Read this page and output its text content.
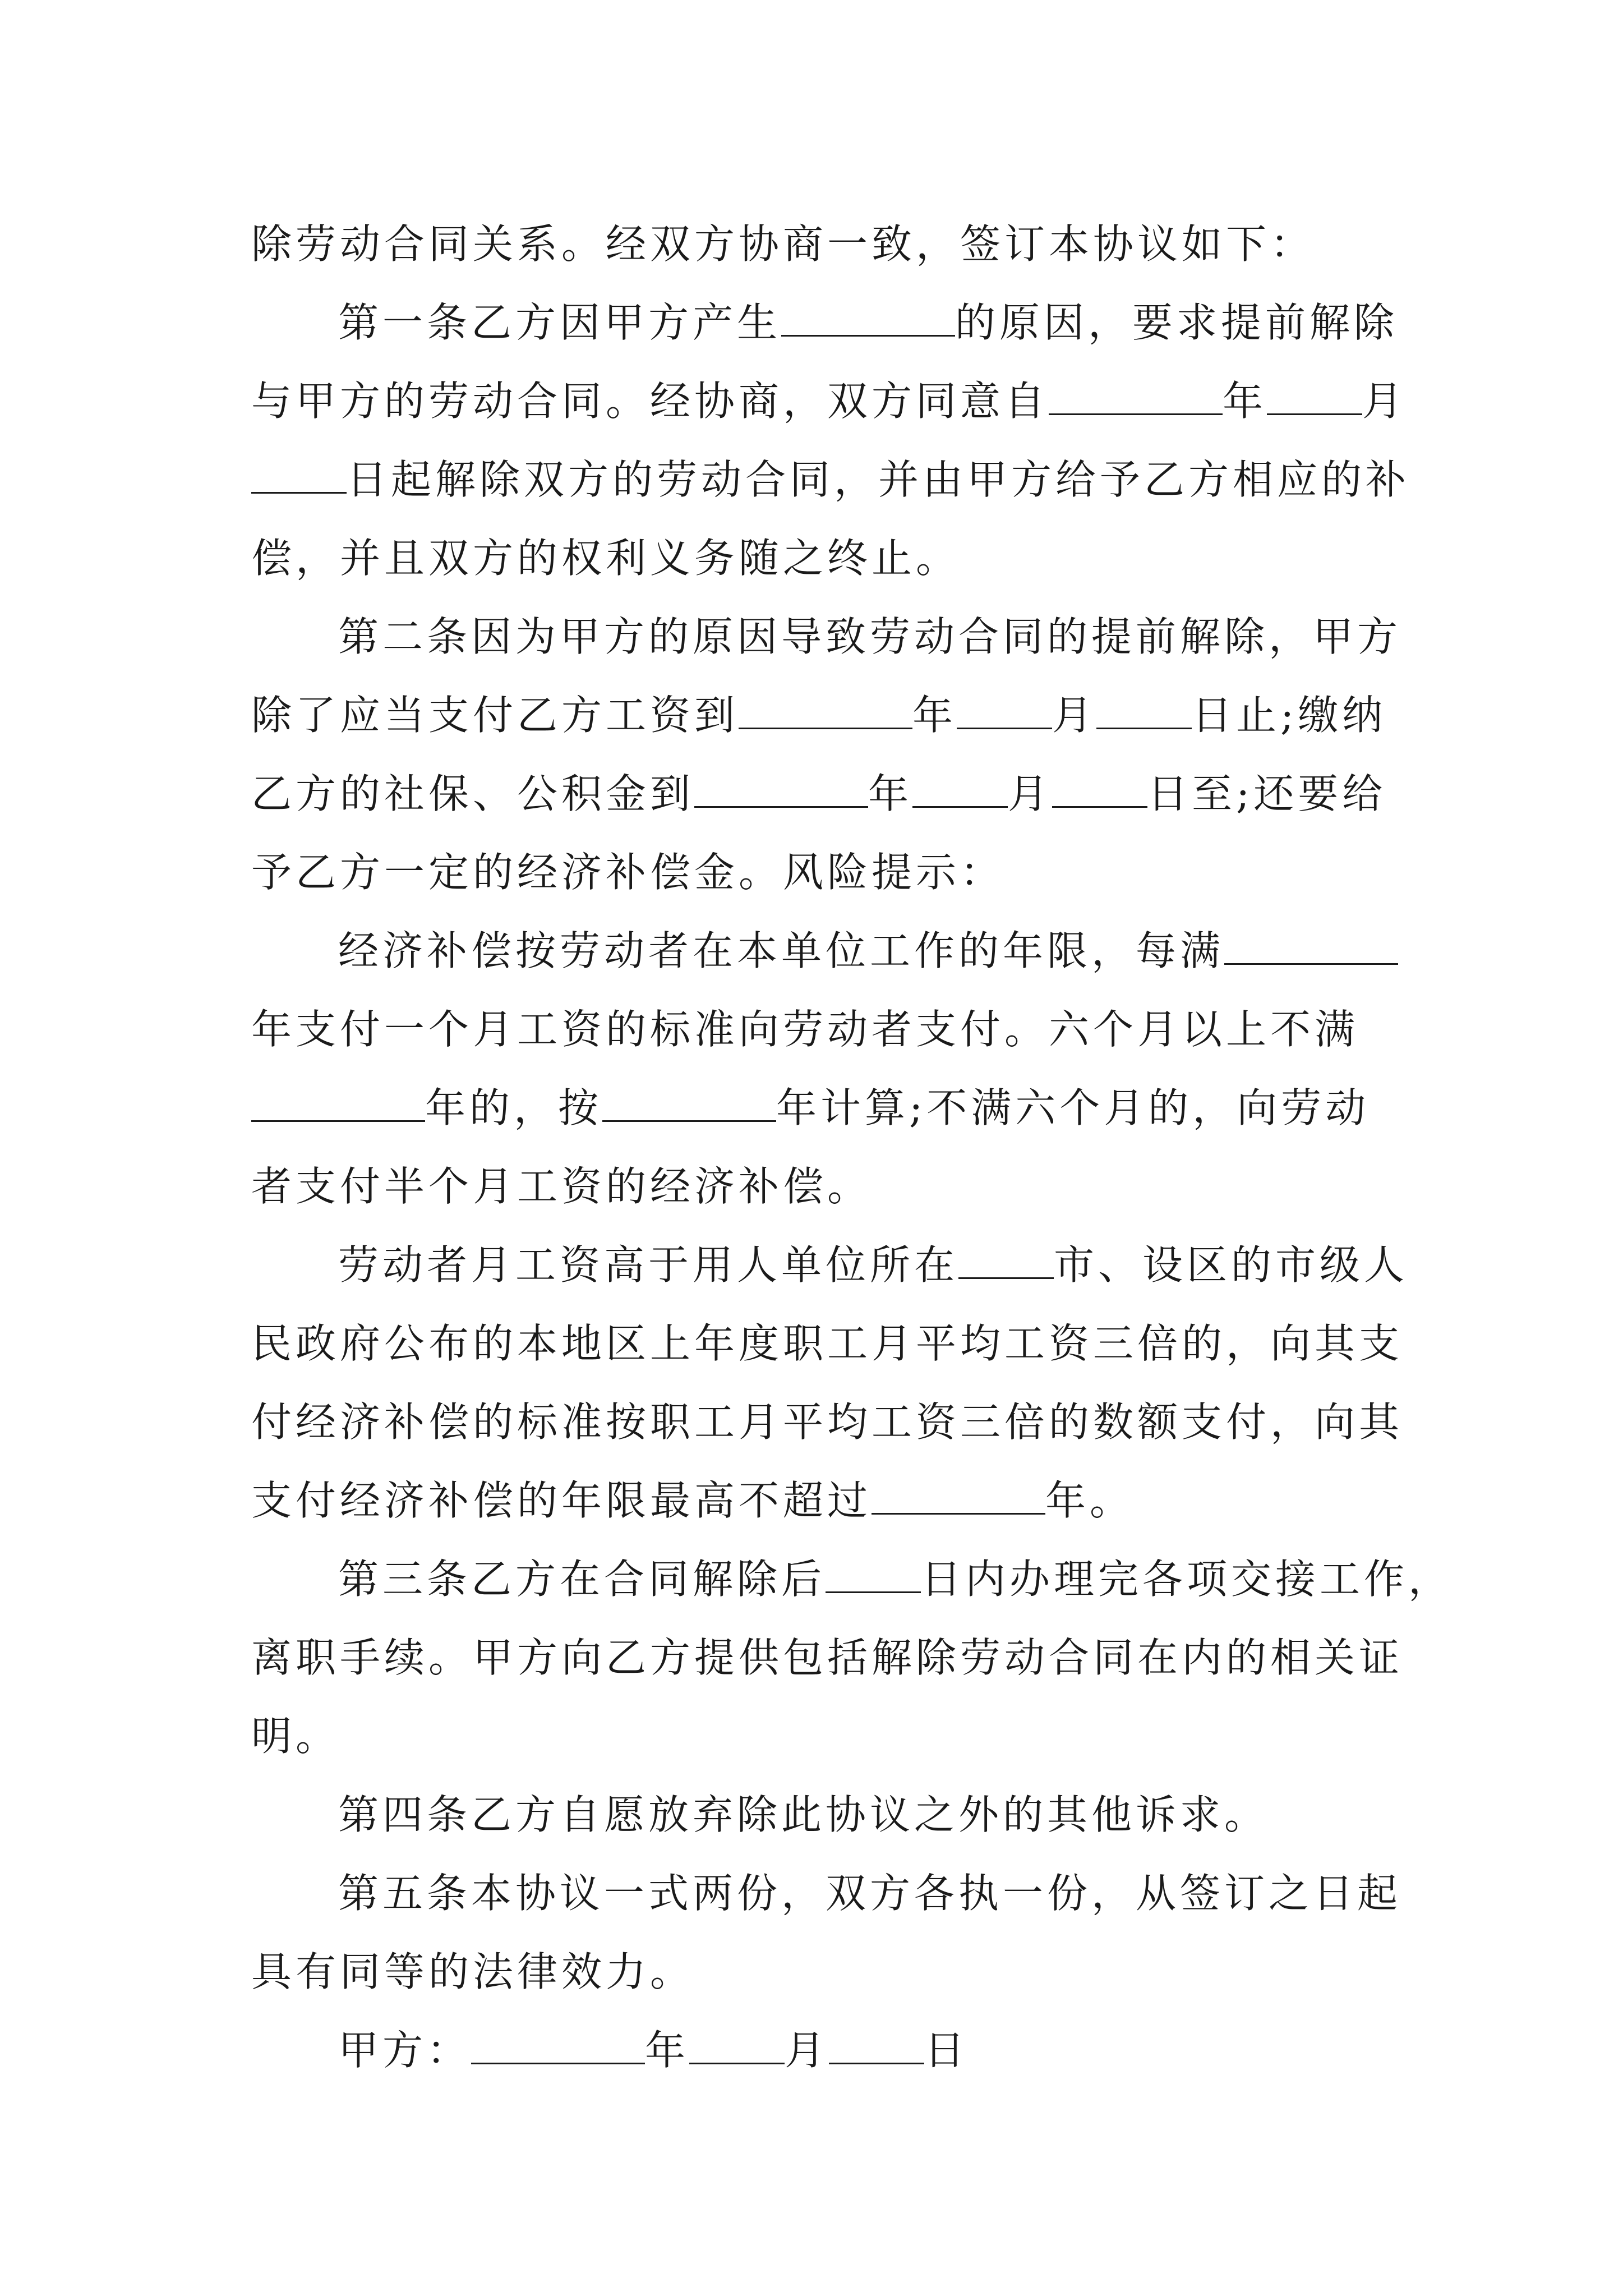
除劳动合同关系。经双方协商一致，签订本协议如下：
第一条乙方因甲方产生	的原因，要求提前解除
与甲方的劳动合同。经协商，双方同意自	年 月
日起解除双方的劳动合同，并由甲方给予乙方相应的补
偿，并且双方的权利义务随之终止。
第二条因为甲方的原因导致劳动合同的提前解除，甲方
除了应当支付乙方工资到	年 月 日止;缴纳
乙方的社保、公积金到	年 月 日至;还要给
予乙方一定的经济补偿金。风险提示：
经济补偿按劳动者在本单位工作的年限，每满
年支付一个月工资的标准向劳动者支付。六个月以上不满
年的，按	年计算;不满六个月的，向劳动
者支付半个月工资的经济补偿。
劳动者月工资高于用人单位所在 市、设区的市级人
民政府公布的本地区上年度职工月平均工资三倍的，向其支
付经济补偿的标准按职工月平均工资三倍的数额支付，向其
支付经济补偿的年限最高不超过	年。
第三条乙方在合同解除后 日内办理完各项交接工作，
离职手续。甲方向乙方提供包括解除劳动合同在内的相关证
明。
第四条乙方自愿放弃除此协议之外的其他诉求。
第五条本协议一式两份，双方各执一份，从签订之日起
具有同等的法律效力。
甲方：	年 月 日
